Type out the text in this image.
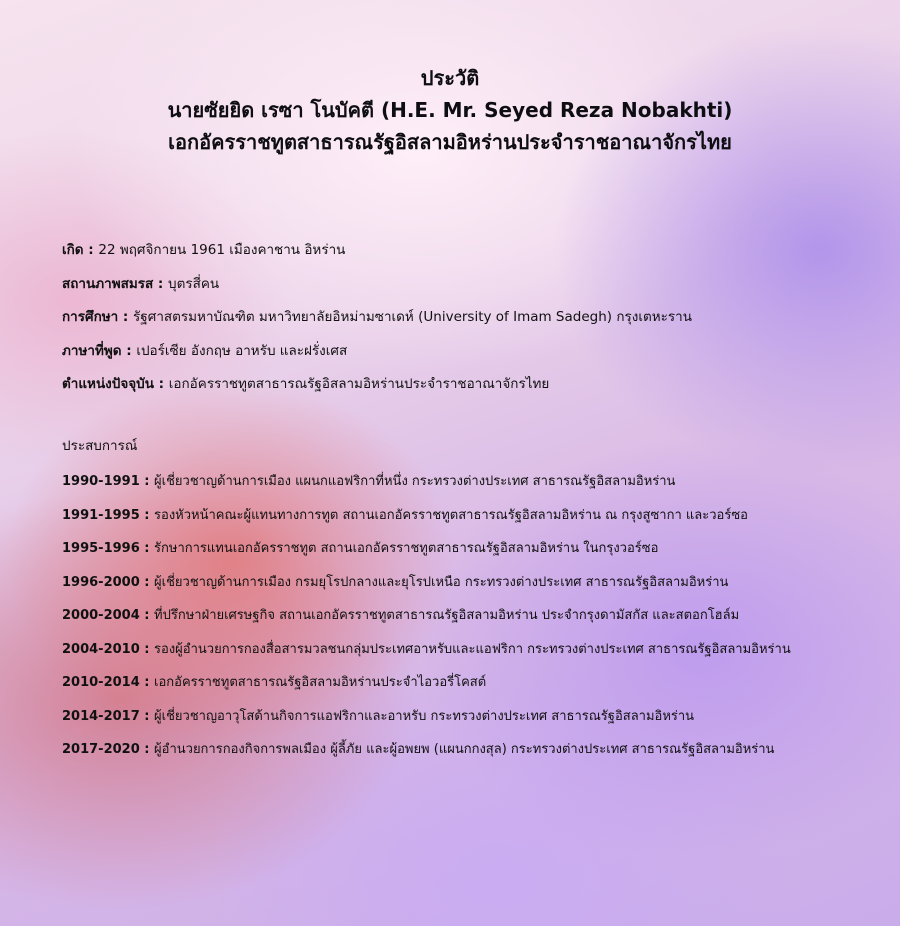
ประวัติ
นายซัยยิด เรซา โนบัคตี (H.E. Mr. Seyed Reza Nobakhti)
เอกอัครราชทูตสาธารณรัฐอิสลามอิหร่านประจำราชอาณาจักรไทย
เกิด : 22 พฤศจิกายน 1961 เมืองคาชาน อิหร่าน
สถานภาพสมรส : บุตรสี่คน
การศึกษา : รัฐศาสตรมหาบัณฑิต มหาวิทยาลัยอิหม่ามซาเดห์ (University of Imam Sadegh) กรุงเตหะราน
ภาษาที่พูด : เปอร์เซีย อังกฤษ อาหรับ และฝรั่งเศส
ตำแหน่งปัจจุบัน : เอกอัครราชทูตสาธารณรัฐอิสลามอิหร่านประจำราชอาณาจักรไทย
ประสบการณ์
1990-1991 : ผู้เชี่ยวชาญด้านการเมือง แผนกแอฟริกาที่หนึ่ง กระทรวงต่างประเทศ สาธารณรัฐอิสลามอิหร่าน
1991-1995 : รองหัวหน้าคณะผู้แทนทางการทูต สถานเอกอัครราชทูตสาธารณรัฐอิสลามอิหร่าน ณ กรุงสูซากา และวอร์ซอ
1995-1996 : รักษาการแทนเอกอัครราชทูต สถานเอกอัครราชทูตสาธารณรัฐอิสลามอิหร่าน ในกรุงวอร์ซอ
1996-2000 : ผู้เชี่ยวชาญด้านการเมือง กรมยุโรปกลางและยุโรปเหนือ กระทรวงต่างประเทศ สาธารณรัฐอิสลามอิหร่าน
2000-2004 : ที่ปรึกษาฝ่ายเศรษฐกิจ สถานเอกอัครราชทูตสาธารณรัฐอิสลามอิหร่าน ประจำกรุงดามัสกัส และสตอกโฮล์ม
2004-2010 : รองผู้อำนวยการกองสื่อสารมวลชนกลุ่มประเทศอาหรับและแอฟริกา กระทรวงต่างประเทศ สาธารณรัฐอิสลามอิหร่าน
2010-2014 : เอกอัครราชทูตสาธารณรัฐอิสลามอิหร่านประจำไอวอรี่โคสต์
2014-2017 : ผู้เชี่ยวชาญอาวุโสด้านกิจการแอฟริกาและอาหรับ กระทรวงต่างประเทศ สาธารณรัฐอิสลามอิหร่าน
2017-2020 : ผู้อำนวยการกองกิจการพลเมือง ผู้ลี้ภัย และผู้อพยพ (แผนกกงสุล) กระทรวงต่างประเทศ สาธารณรัฐอิสลามอิหร่าน
